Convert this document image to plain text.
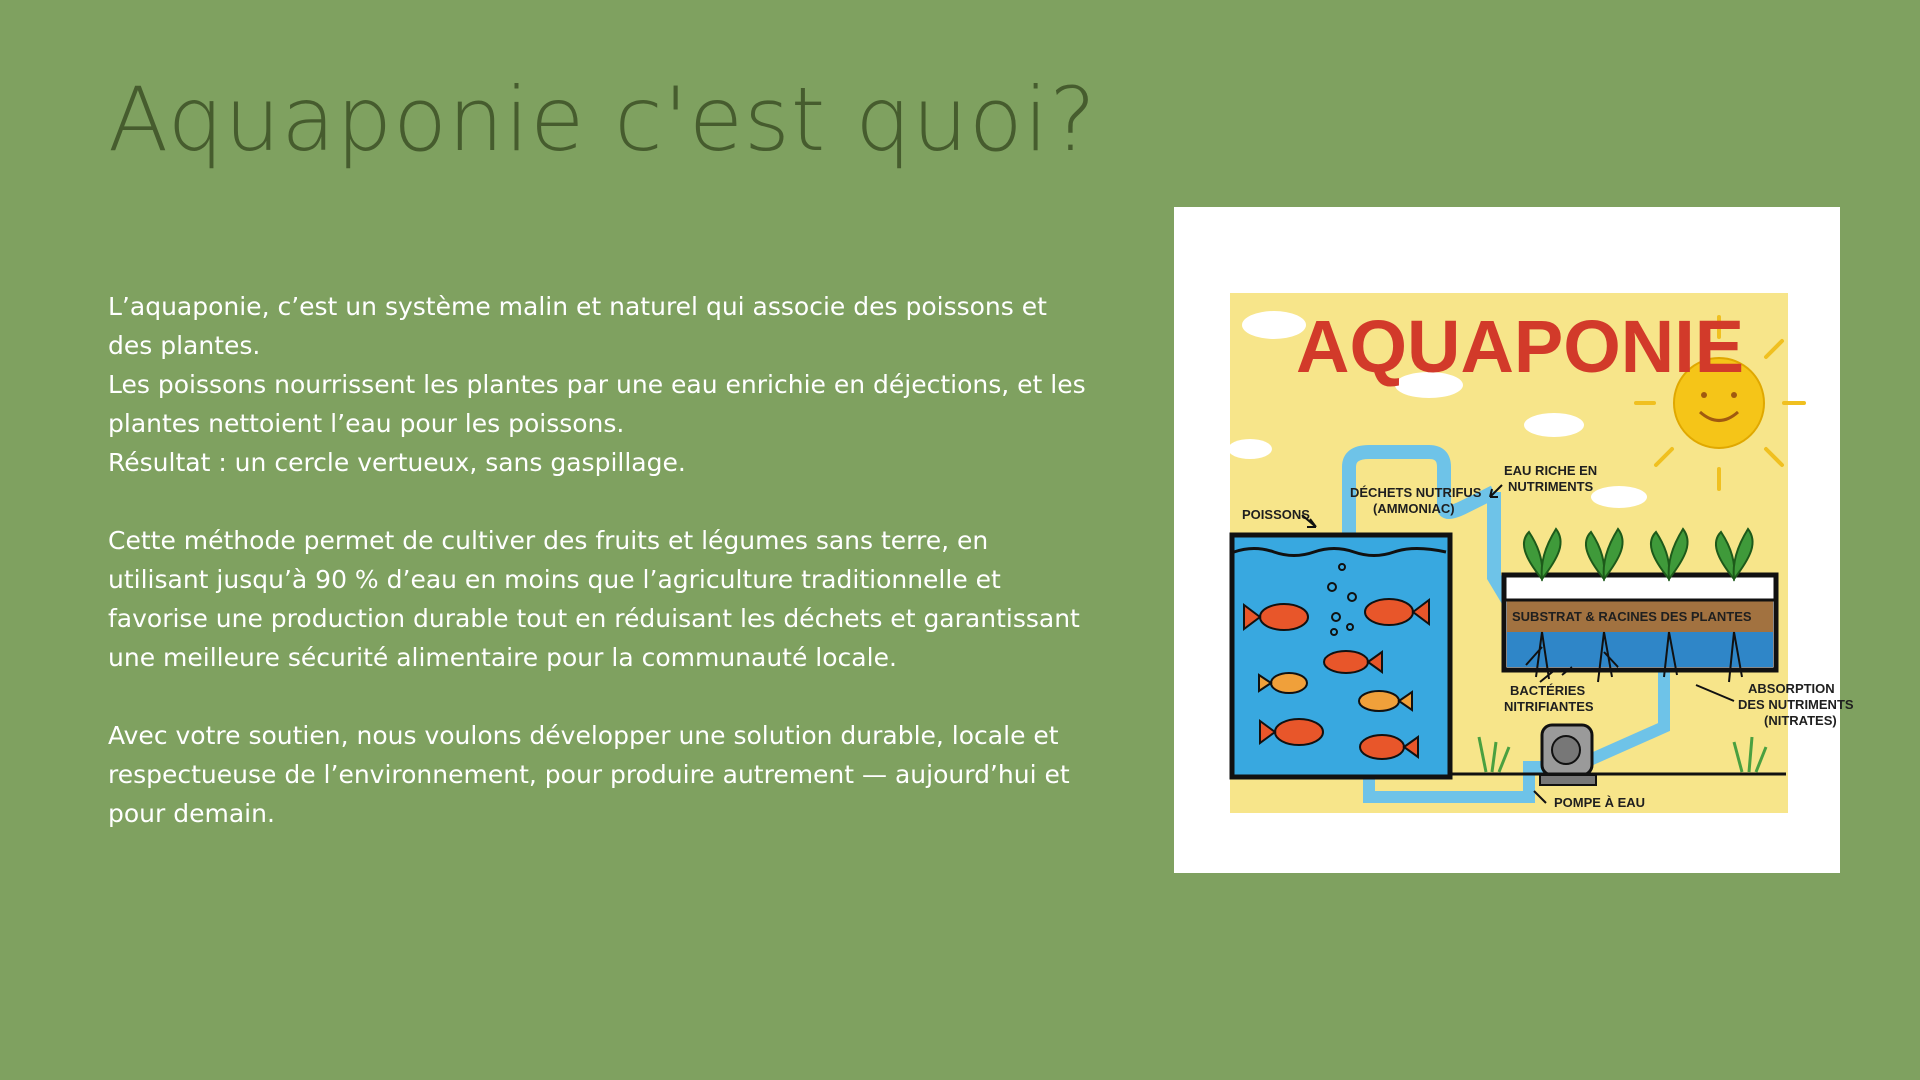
Aquaponie c'est quoi?

L’aquaponie, c’est un système malin et naturel qui associe des poissons et des plantes.
Les poissons nourrissent les plantes par une eau enrichie en déjections, et les plantes nettoient l’eau pour les poissons.
Résultat : un cercle vertueux, sans gaspillage.

Cette méthode permet de cultiver des fruits et légumes sans terre, en utilisant jusqu’à 90 % d’eau en moins que l’agriculture traditionnelle et favorise une production durable tout en réduisant les déchets et garantissant une meilleure sécurité alimentaire pour la communauté locale.

Avec votre soutien, nous voulons développer une solution durable, locale et respectueuse de l’environnement, pour produire autrement — aujourd’hui et pour demain.

AQUAPONIE
POISSONS
DÉCHETS NUTRIFUS
(AMMONIAC)
EAU RICHE EN
NUTRIMENTS
SUBSTRAT & RACINES DES PLANTES
BACTÉRIES
NITRIFIANTES
ABSORPTION
DES NUTRIMENTS
(NITRATES)
POMPE À EAU
